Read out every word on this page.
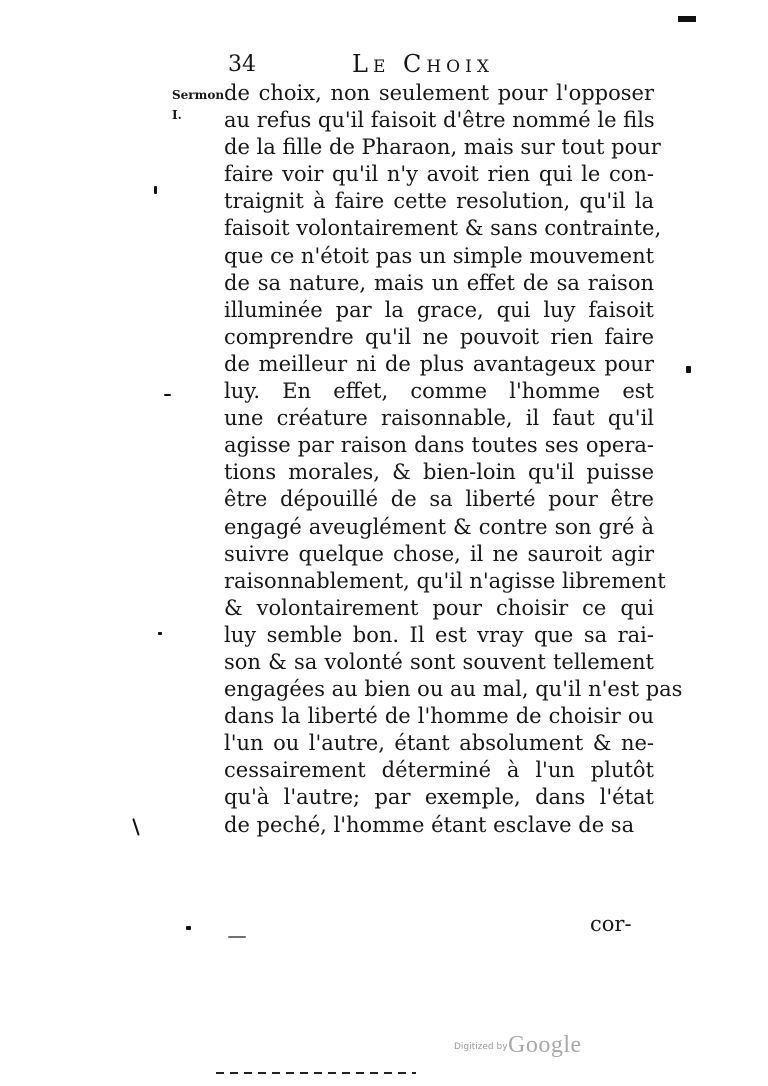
34	Le Choix
Sermon
I.
de choix, non seulement pour l'opposer
au refus qu'il faisoit d'être nommé le fils
de la fille de Pharaon, mais sur tout pour
faire voir qu'il n'y avoit rien qui le con-
traignit à faire cette resolution, qu'il la
faisoit volontairement & sans contrainte,
que ce n'étoit pas un simple mouvement
de sa nature, mais un effet de sa raison
illuminée par la grace, qui luy faisoit
comprendre qu'il ne pouvoit rien faire
de meilleur ni de plus avantageux pour
luy. En effet, comme l'homme est
une créature raisonnable, il faut qu'il
agisse par raison dans toutes ses opera-
tions morales, & bien-loin qu'il puisse
être dépouillé de sa liberté pour être
engagé aveuglément & contre son gré à
suivre quelque chose, il ne sauroit agir
raisonnablement, qu'il n'agisse librement
& volontairement pour choisir ce qui
luy semble bon. Il est vray que sa rai-
son & sa volonté sont souvent tellement
engagées au bien ou au mal, qu'il n'est pas
dans la liberté de l'homme de choisir ou
l'un ou l'autre, étant absolument & ne-
cessairement déterminé à l'un plutôt
qu'à l'autre; par exemple, dans l'état
de peché, l'homme étant esclave de sa
cor-
Digitized by Google
